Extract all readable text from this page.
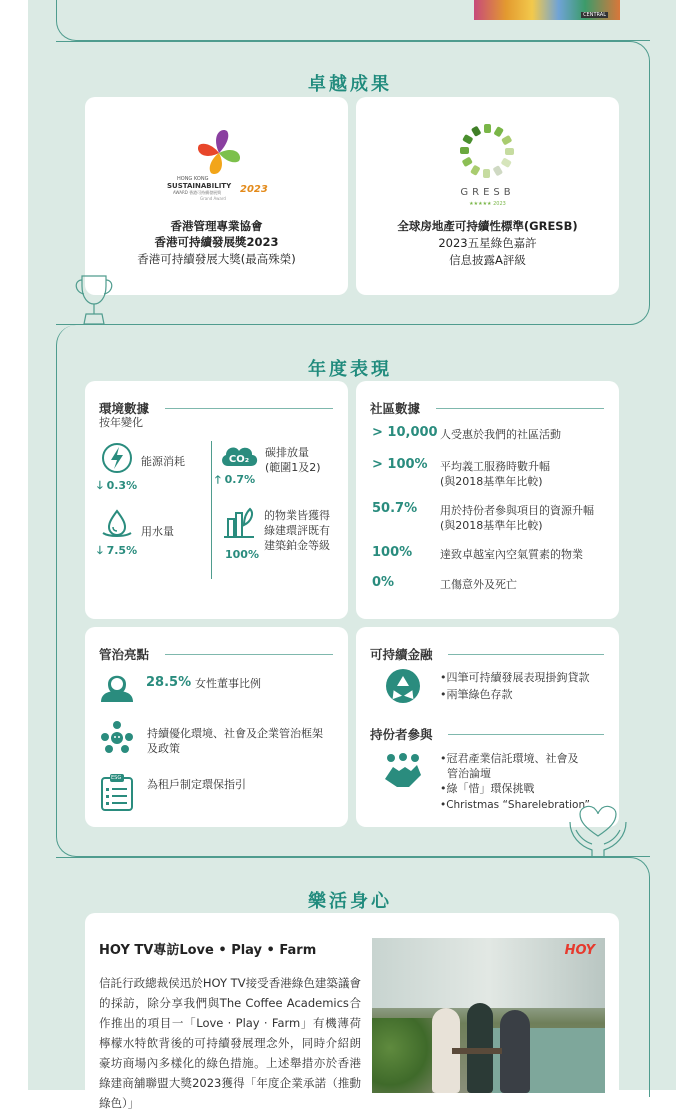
CENTRAL
卓越成果
HONG KONG
SUSTAINABILITY 2023
AWARD 香港可持續發展獎
Grand Award
香港管理專業協會
香港可持續發展獎2023
香港可持續發展大獎(最高殊榮)
GRESB
★★★★★ 2023
全球房地產可持續性標準(GRESB)
2023五星綠色嘉許
信息披露A評級
年度表現
環境數據
按年變化
能源消耗
🡓 0.3%
用水量
🡓 7.5%
CO₂
碳排放量
(範圍1及2)
🡑 0.7%
的物業皆獲得
綠建環評既有
建築鉑金等級
100%
社區數據
> 10,000 人受惠於我們的社區活動
> 100% 平均義工服務時數升幅
(與2018基準年比較)
50.7% 用於持份者參與項目的資源升幅
(與2018基準年比較)
100%	達致卓越室內空氣質素的物業
0%	工傷意外及死亡
管治亮點
28.5% 女性董事比例
持續優化環境、社會及企業管治框架
及政策
ESG 為租戶制定環保指引
可持續金融
•四筆可持續發展表現掛鉤貸款
•兩筆綠色存款
持份者參與
•冠君產業信託環境、社會及
管治論壇
•綠「惜」環保挑戰
•Christmas “Sharelebration”
樂活身心
HOY TV專訪Love • Play • Farm
信託行政總裁侯迅於HOY TV接受香港綠色建築議會的採訪，除分享我們與The Coffee Academics合作推出的項目一「Love · Play · Farm」有機薄荷檸檬水特飲背後的可持續發展理念外，同時介紹朗豪坊商場內多樣化的綠色措施。上述舉措亦於香港綠建商舖聯盟大獎2023獲得「年度企業承諾（推動綠色）」
HOY
